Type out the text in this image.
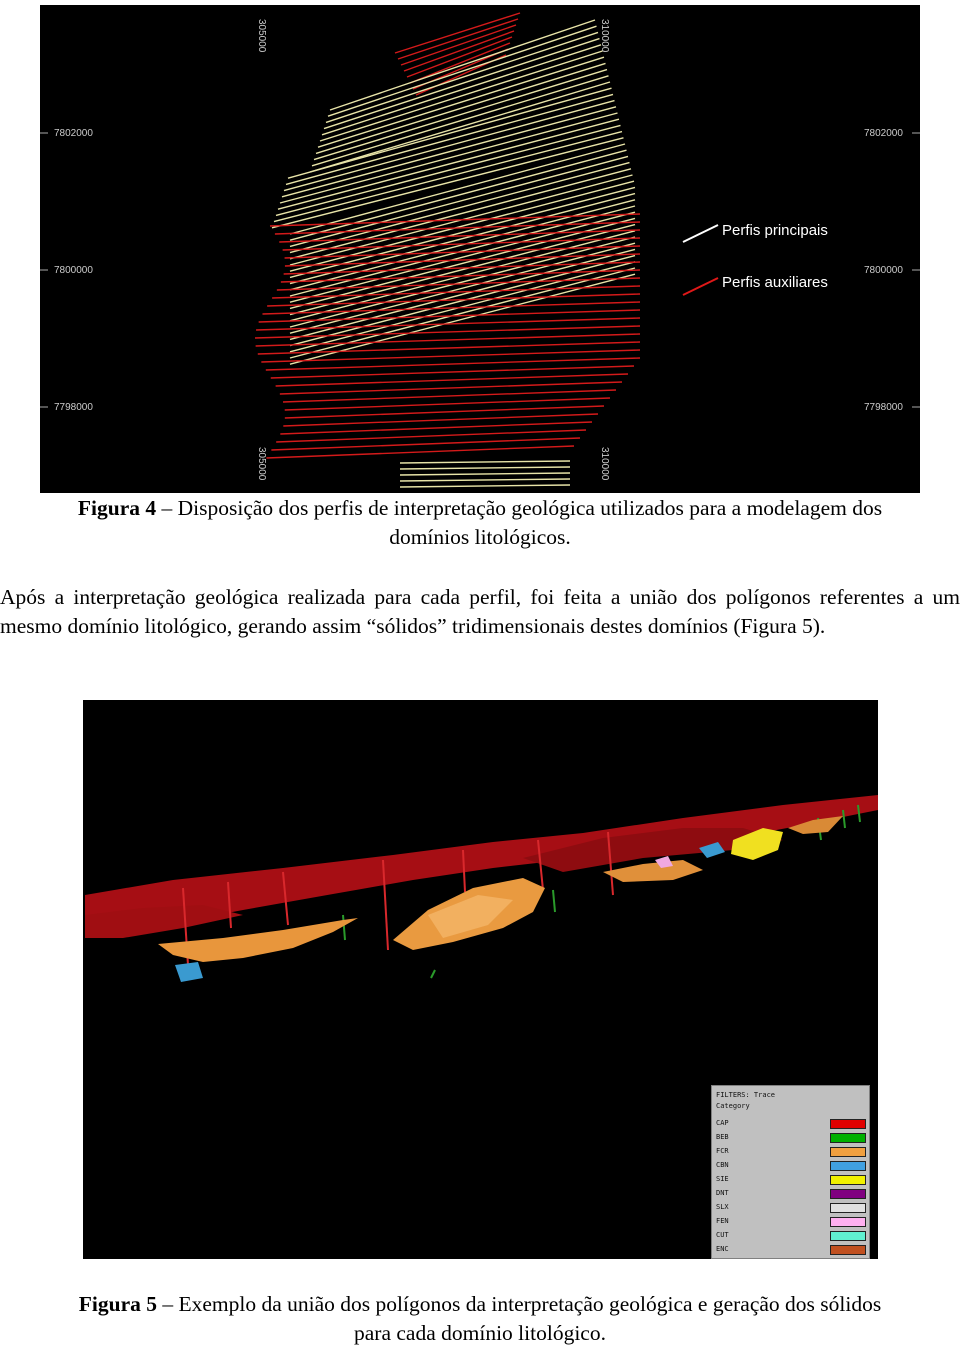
7802000	7802000
7800000	7800000
7798000	7798000
305000	310000
305000	310000
Perfis principais
Perfis auxiliares
Figura 4 – Disposição dos perfis de interpretação geológica utilizados para a modelagem dos domínios litológicos.
Após a interpretação geológica realizada para cada perfil, foi feita a união dos polígonos referentes a um mesmo domínio litológico, gerando assim “sólidos” tridimensionais destes domínios (Figura 5).
FILTERS: Trace
Category
CAP
BEB
FCR
CBN
SIE
DNT
SLX
FEN
CUT
ENC
Figura 5 – Exemplo da união dos polígonos da interpretação geológica e geração dos sólidos para cada domínio litológico.
